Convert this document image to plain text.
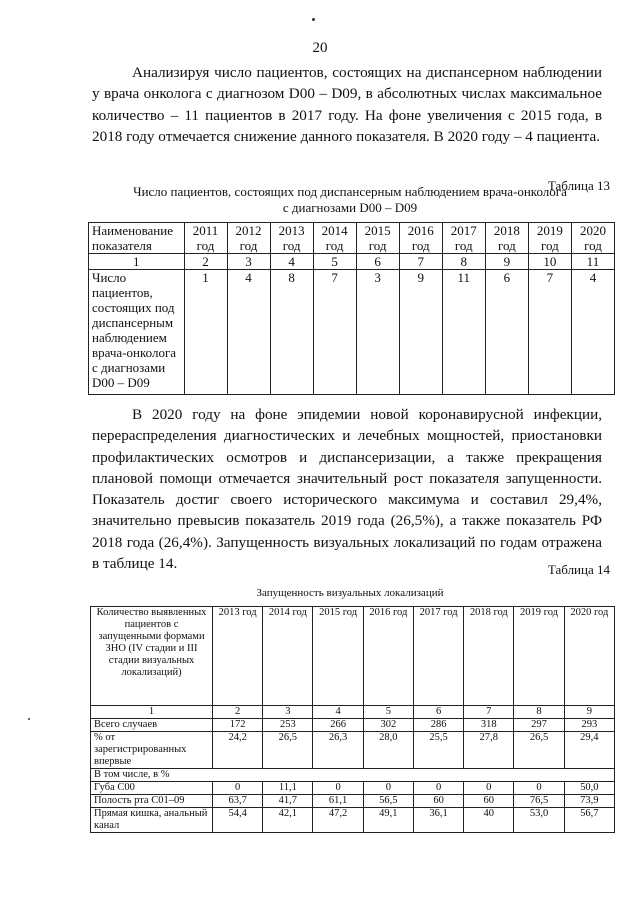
20

Анализируя число пациентов, состоящих на диспансерном наблюдении у врача онколога с диагнозом D00 – D09, в абсолютных числах максимальное количество – 11 пациентов в 2017 году. На фоне увеличения с 2015 года, в 2018 году отмечается снижение данного показателя. В 2020 году – 4 пациента.

Таблица 13
Число пациентов, состоящих под диспансерным наблюдением врача-онколога
с диагнозами D00 – D09
Наименование показателя	2011 год	2012 год	2013 год	2014 год	2015 год	2016 год	2017 год	2018 год	2019 год	2020 год
1	2	3	4	5	6	7	8	9	10	11
Число пациентов, состоящих под диспансерным наблюдением врача-онколога с диагнозами D00 – D09	1	4	8	7	3	9	11	6	7	4

В 2020 году на фоне эпидемии новой коронавирусной инфекции, перераспределения диагностических и лечебных мощностей, приостановки профилактических осмотров и диспансеризации, а также прекращения плановой помощи отмечается значительный рост показателя запущенности. Показатель достиг своего исторического максимума и составил 29,4%, значительно превысив показатель 2019 года (26,5%), а также показатель РФ 2018 года (26,4%). Запущенность визуальных локализаций по годам отражена в таблице 14.	Таблица 14
Запущенность визуальных локализаций
Количество выявленных пациентов с запущенными формами ЗНО (IV стадии и III стадии визуальных локализаций)	2013 год	2014 год	2015 год	2016 год	2017 год	2018 год	2019 год	2020 год
1	2	3	4	5	6	7	8	9
Всего случаев	172	253	266	302	286	318	297	293
% от зарегистрированных впервые	24,2	26,5	26,3	28,0	25,5	27,8	26,5	29,4
В том числе, в %								
Губа С00	0	11,1	0	0	0	0	0	50,0
Полость рта С01–09	63,7	41,7	61,1	56,5	60	60	76,5	73,9
Прямая кишка, анальный канал	54,4	42,1	47,2	49,1	36,1	40	53,0	56,7
